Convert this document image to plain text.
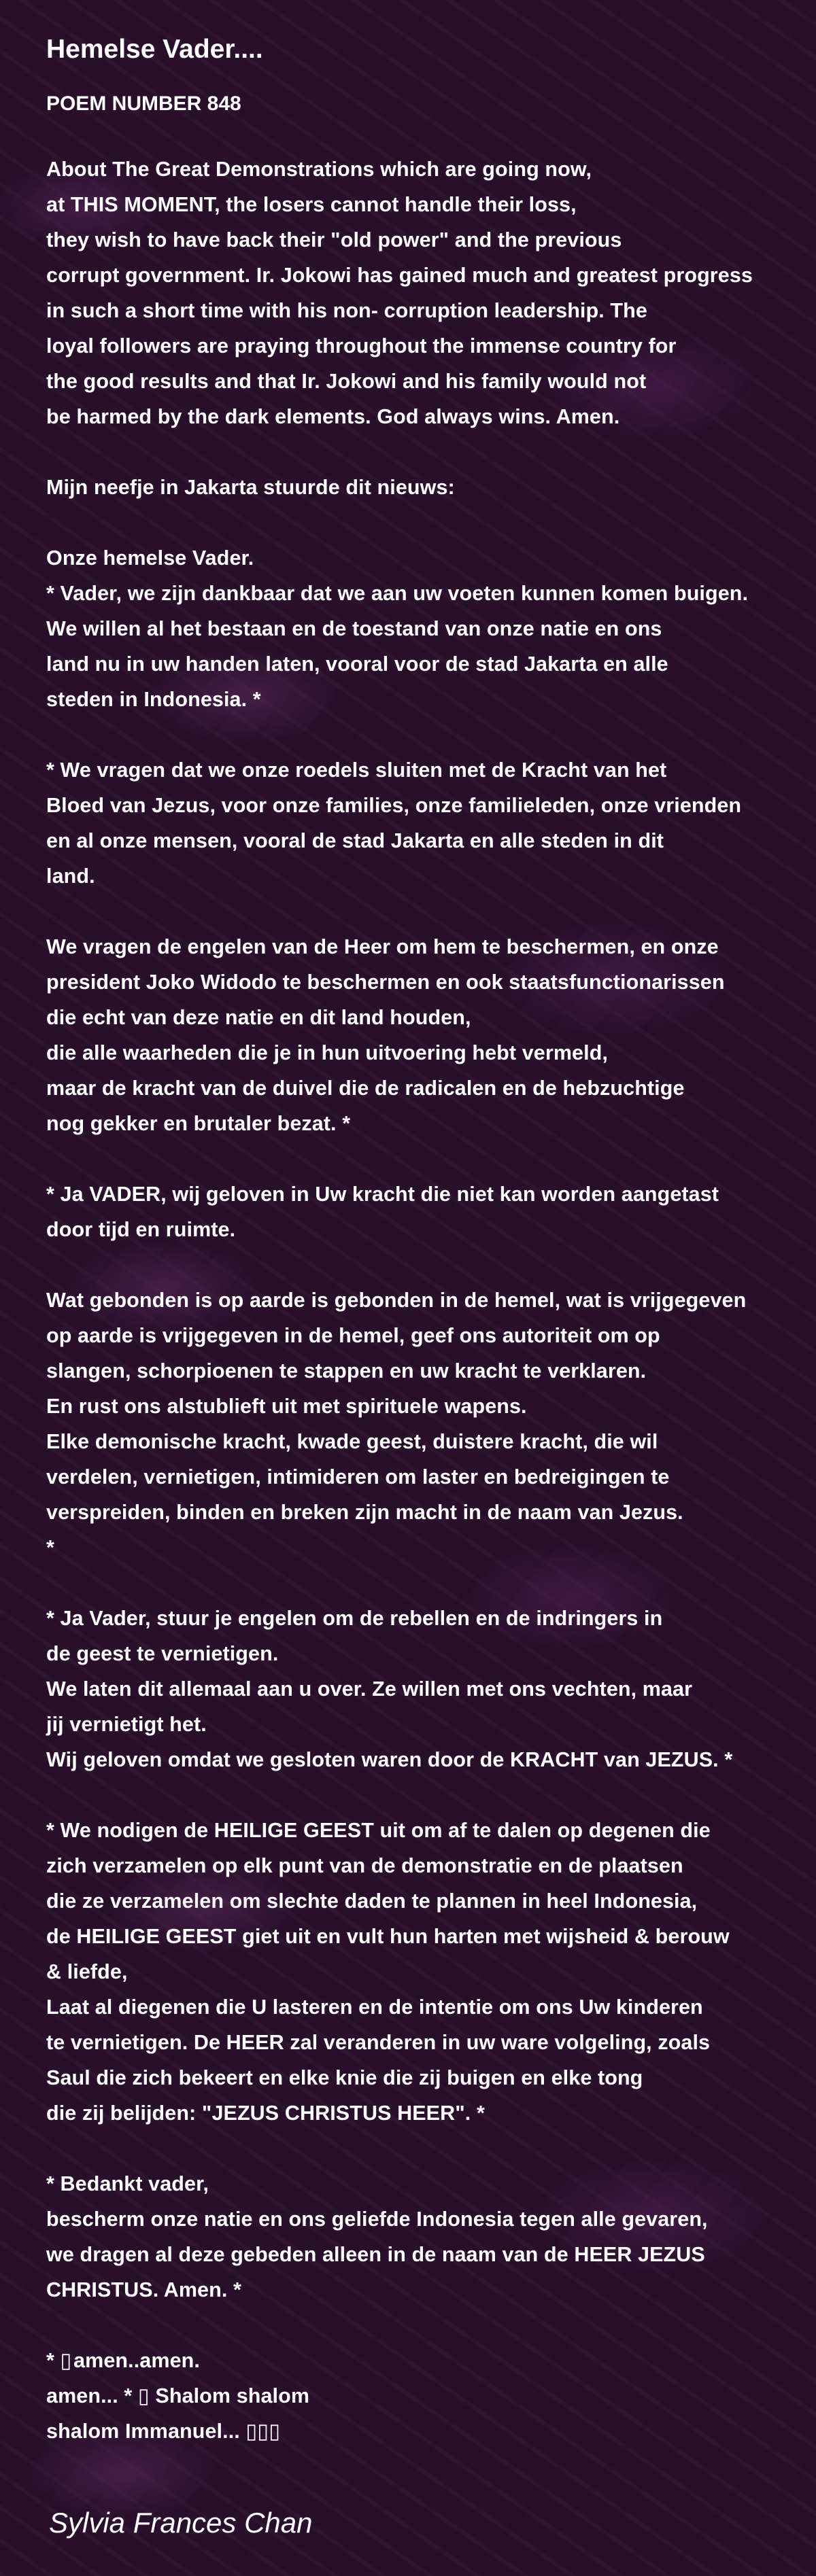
Hemelse Vader....
POEM NUMBER 848
About The Great Demonstrations which are going now,
at THIS MOMENT, the losers cannot handle their loss,
they wish to have back their "old power" and the previous
corrupt government. Ir. Jokowi has gained much and greatest progress
in such a short time with his non- corruption leadership. The
loyal followers are praying throughout the immense country for
the good results and that Ir. Jokowi and his family would not
be harmed by the dark elements. God always wins. Amen.
Mijn neefje in Jakarta stuurde dit nieuws:
Onze hemelse Vader.
* Vader, we zijn dankbaar dat we aan uw voeten kunnen komen buigen.
We willen al het bestaan en de toestand van onze natie en ons
land nu in uw handen laten, vooral voor de stad Jakarta en alle
steden in Indonesia. *
* We vragen dat we onze roedels sluiten met de Kracht van het
Bloed van Jezus, voor onze families, onze familieleden, onze vrienden
en al onze mensen, vooral de stad Jakarta en alle steden in dit
land.
We vragen de engelen van de Heer om hem te beschermen, en onze
president Joko Widodo te beschermen en ook staatsfunctionarissen
die echt van deze natie en dit land houden,
die alle waarheden die je in hun uitvoering hebt vermeld,
maar de kracht van de duivel die de radicalen en de hebzuchtige
nog gekker en brutaler bezat. *
* Ja VADER, wij geloven in Uw kracht die niet kan worden aangetast
door tijd en ruimte.
Wat gebonden is op aarde is gebonden in de hemel, wat is vrijgegeven
op aarde is vrijgegeven in de hemel, geef ons autoriteit om op
slangen, schorpioenen te stappen en uw kracht te verklaren.
En rust ons alstublieft uit met spirituele wapens.
Elke demonische kracht, kwade geest, duistere kracht, die wil
verdelen, vernietigen, intimideren om laster en bedreigingen te
verspreiden, binden en breken zijn macht in de naam van Jezus.
*
* Ja Vader, stuur je engelen om de rebellen en de indringers in
de geest te vernietigen.
We laten dit allemaal aan u over. Ze willen met ons vechten, maar
jij vernietigt het.
Wij geloven omdat we gesloten waren door de KRACHT van JEZUS. *
* We nodigen de HEILIGE GEEST uit om af te dalen op degenen die
zich verzamelen op elk punt van de demonstratie en de plaatsen
die ze verzamelen om slechte daden te plannen in heel Indonesia,
de HEILIGE GEEST giet uit en vult hun harten met wijsheid & berouw
& liefde,
Laat al diegenen die U lasteren en de intentie om ons Uw kinderen
te vernietigen. De HEER zal veranderen in uw ware volgeling, zoals
Saul die zich bekeert en elke knie die zij buigen en elke tong
die zij belijden: "JEZUS CHRISTUS HEER". *
* Bedankt vader,
bescherm onze natie en ons geliefde Indonesia tegen alle gevaren,
we dragen al deze gebeden alleen in de naam van de HEER JEZUS
CHRISTUS. Amen. *
* ▯ amen..amen.
amen... * ▯ Shalom shalom
shalom Immanuel... ▯▯▯

Sylvia Frances Chan
